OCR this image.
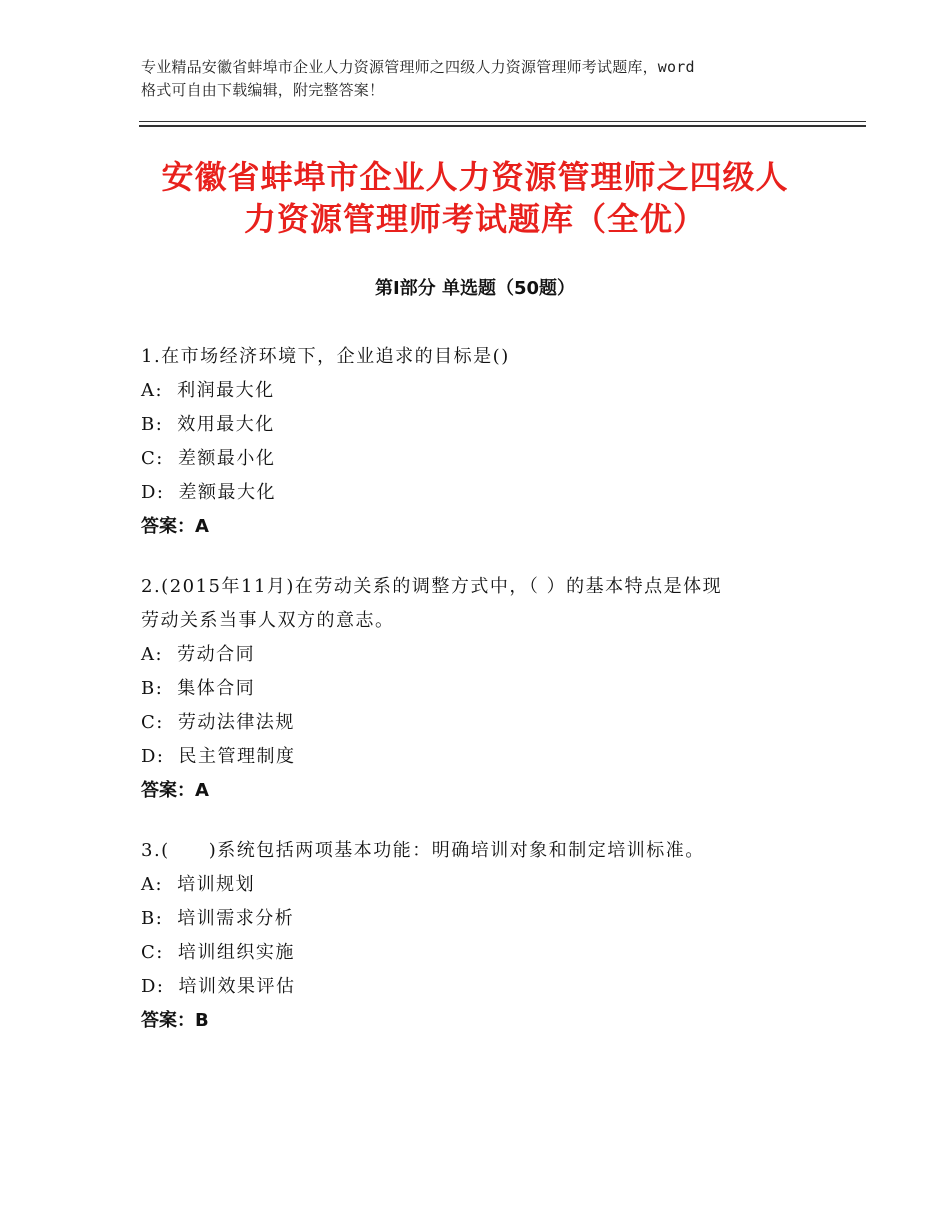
专业精品安徽省蚌埠市企业人力资源管理师之四级人力资源管理师考试题库，word
格式可自由下载编辑，附完整答案！
安徽省蚌埠市企业人力资源管理师之四级人
力资源管理师考试题库（全优）
第Ⅰ部分 单选题（50题）

1.在市场经济环境下，企业追求的目标是()

A: 利润最大化

B: 效用最大化

C: 差额最小化

D: 差额最大化

答案：A

2.(2015年11月)在劳动关系的调整方式中，（ ）的基本特点是体现

劳动关系当事人双方的意志。

A: 劳动合同

B: 集体合同

C: 劳动法律法规

D: 民主管理制度

答案：A

3.(　　)系统包括两项基本功能：明确培训对象和制定培训标准。

A: 培训规划

B: 培训需求分析

C: 培训组织实施

D: 培训效果评估

答案：B
